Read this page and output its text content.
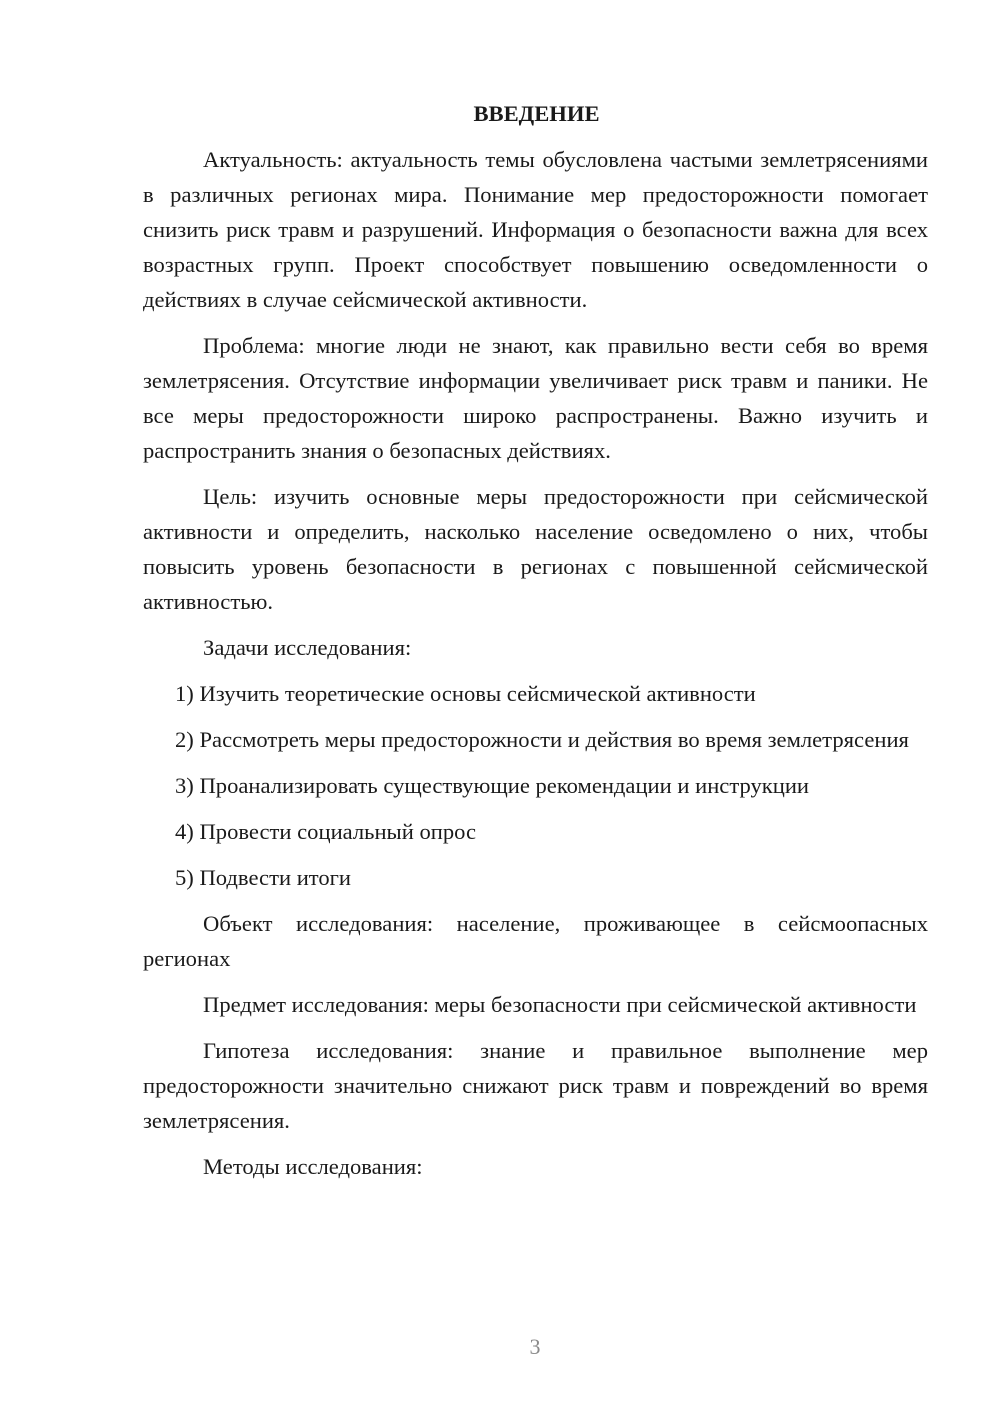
ВВЕДЕНИЕ

Актуальность: актуальность темы обусловлена частыми землетрясениями в различных регионах мира. Понимание мер предосторожности помогает снизить риск травм и разрушений. Информация о безопасности важна для всех возрастных групп. Проект способствует повышению осведомленности о действиях в случае сейсмической активности.

Проблема: многие люди не знают, как правильно вести себя во время землетрясения. Отсутствие информации увеличивает риск травм и паники. Не все меры предосторожности широко распространены. Важно изучить и распространить знания о безопасных действиях.

Цель: изучить основные меры предосторожности при сейсмической активности и определить, насколько население осведомлено о них, чтобы повысить уровень безопасности в регионах с повышенной сейсмической активностью.

Задачи исследования:

1) Изучить теоретические основы сейсмической активности

2) Рассмотреть меры предосторожности и действия во время землетрясения

3) Проанализировать существующие рекомендации и инструкции

4) Провести социальный опрос

5) Подвести итоги

Объект исследования: население, проживающее в сейсмоопасных регионах

Предмет исследования: меры безопасности при сейсмической активности

Гипотеза исследования: знание и правильное выполнение мер предосторожности значительно снижают риск травм и повреждений во время землетрясения.

Методы исследования:

3
